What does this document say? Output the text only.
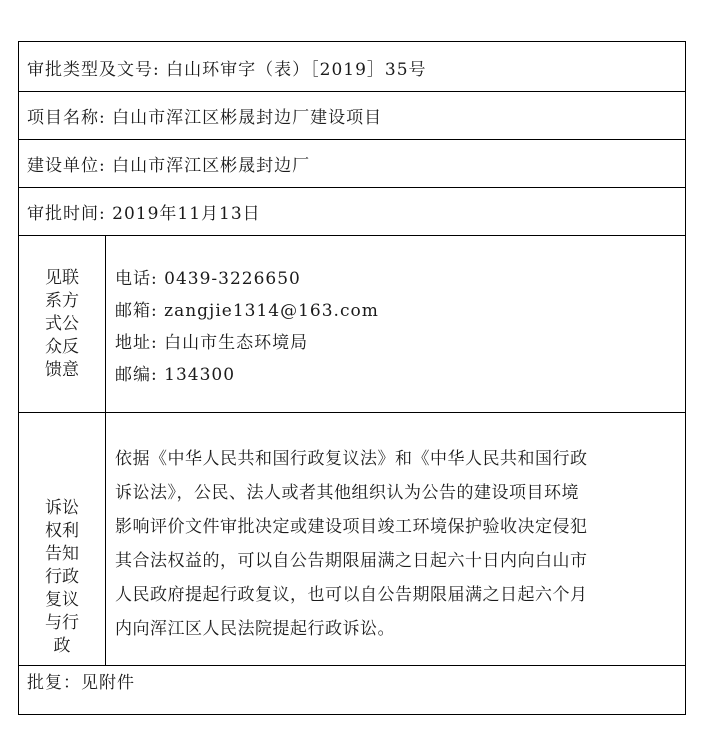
审批类型及文号: 白山环审字（表）［2019］35号
项目名称: 白山市浑江区彬晟封边厂建设项目
建设单位: 白山市浑江区彬晟封边厂
审批时间: 2019年11月13日
见联系方式公众反馈意
电话: 0439-3226650
邮箱: zangjie1314@163.com
地址: 白山市生态环境局
邮编: 134300
诉讼权利告知行政复议与行政
依据《中华人民共和国行政复议法》和《中华人民共和国行政
诉讼法》，公民、法人或者其他组织认为公告的建设项目环境
影响评价文件审批决定或建设项目竣工环境保护验收决定侵犯
其合法权益的，可以自公告期限届满之日起六十日内向白山市
人民政府提起行政复议，也可以自公告期限届满之日起六个月
内向浑江区人民法院提起行政诉讼。
批复：见附件
